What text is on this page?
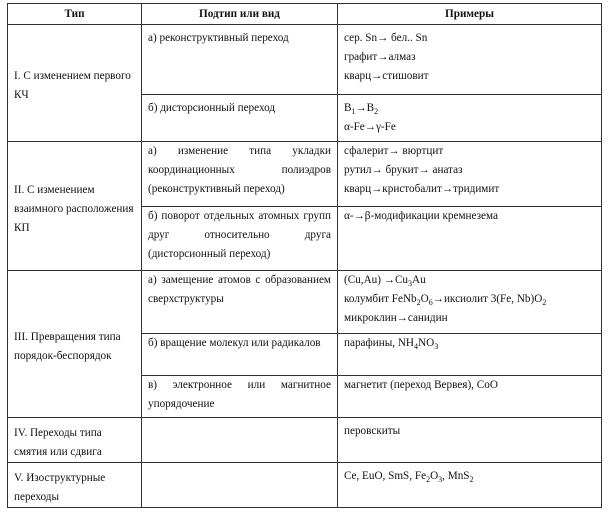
Тип	Подтип или вид	Примеры
I. С изменением первого КЧ	а) реконструктивный переход	сер. Sn→ бел.. Sn
графит→алмаз
кварц→стишовит

	б) дисторсионный переход	$B_1\to B_2$
α-Fe→γ-Fe

II. С изменением взаимного расположения КП	а) изменение типа укладки координационных полиэдров (реконструктивный переход)	сфалерит→ вюртцит
рутил→ брукит→ анатаз
кварц→кристобалит→тридимит

	б) поворот отдельных атомных групп друг относительно друга (дисторсионный переход)	α-→β-модификации кремнезема

III. Превращения типа порядок-беспорядок	а) замещение атомов с образованием сверхструктуры	$(Cu,Au) \to Cu_3Au$
колумбит $FeNb_2O_6\to иксиолит$ 3(Fe, $Nb)O_2$
микроклин→санидин

	б) вращение молекул или радикалов	парафины, $NH_4NO_3$

	в) электронное или магнитное упорядочение	магнетит (переход Вервея), CoO

IV. Переходы типа смятия или сдвига		перовскиты

V. Изоструктурные переходы		Ce, EuO, SmS, $Fe_2O_3$, MnS$_2$
